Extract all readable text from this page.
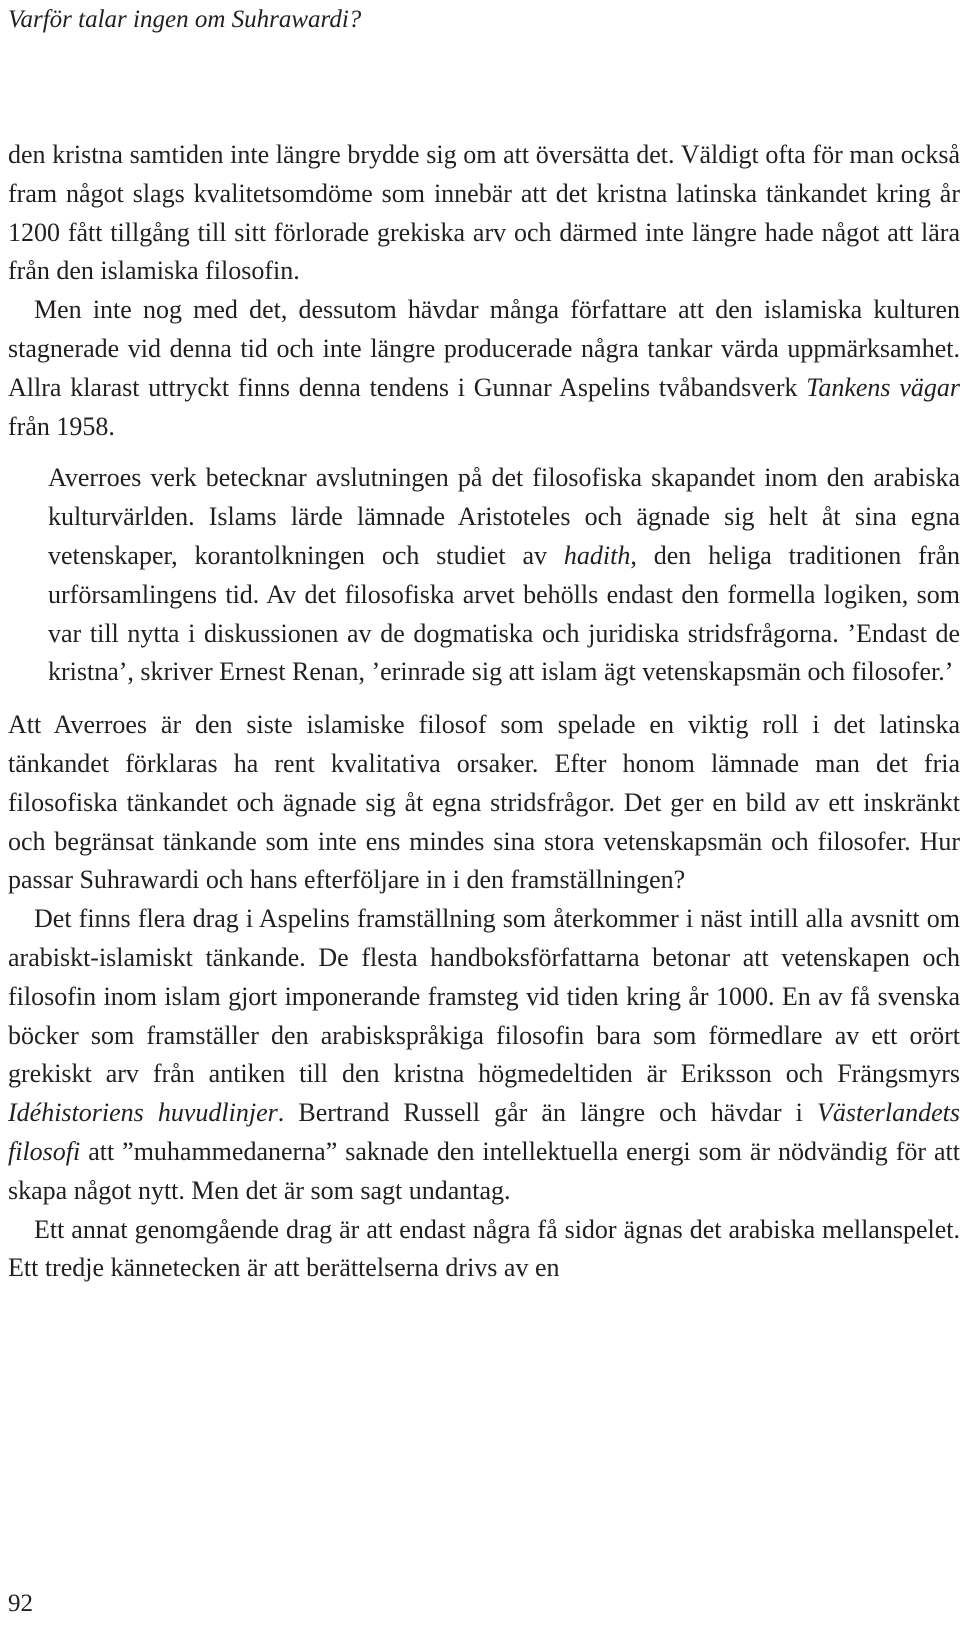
Varför talar ingen om Suhrawardi?

den kristna samtiden inte längre brydde sig om att översätta det. Väldigt ofta för man också fram något slags kvalitetsomdöme som innebär att det kristna latinska tänkandet kring år 1200 fått tillgång till sitt förlorade grekiska arv och därmed inte längre hade något att lära från den islamiska filosofin.

Men inte nog med det, dessutom hävdar många författare att den islamiska kulturen stagnerade vid denna tid och inte längre producerade några tankar värda uppmärksamhet. Allra klarast uttryckt finns denna tendens i Gunnar Aspelins tvåbandsverk Tankens vägar från 1958.

Averroes verk betecknar avslutningen på det filosofiska skapandet inom den arabiska kulturvärlden. Islams lärde lämnade Aristoteles och ägnade sig helt åt sina egna vetenskaper, korantolkningen och studiet av hadith, den heliga traditionen från urförsamlingens tid. Av det filosofiska arvet behölls endast den formella logiken, som var till nytta i diskussionen av de dogmatiska och juridiska stridsfrågorna. ’Endast de kristna’, skriver Ernest Renan, ’erinrade sig att islam ägt vetenskapsmän och filosofer.’

Att Averroes är den siste islamiske filosof som spelade en viktig roll i det latinska tänkandet förklaras ha rent kvalitativa orsaker. Efter honom lämnade man det fria filosofiska tänkandet och ägnade sig åt egna stridsfrågor. Det ger en bild av ett inskränkt och begränsat tänkande som inte ens mindes sina stora vetenskapsmän och filosofer. Hur passar Suhrawardi och hans efterföljare in i den framställningen?

Det finns flera drag i Aspelins framställning som återkommer i näst intill alla avsnitt om arabiskt-islamiskt tänkande. De flesta handboksförfattarna betonar att vetenskapen och filosofin inom islam gjort imponerande framsteg vid tiden kring år 1000. En av få svenska böcker som framställer den arabiskspråkiga filosofin bara som förmedlare av ett orört grekiskt arv från antiken till den kristna högmedeltiden är Eriksson och Frängsmyrs Idéhistoriens huvudlinjer. Bertrand Russell går än längre och hävdar i Västerlandets filosofi att ”muhammedanerna” saknade den intellektuella energi som är nödvändig för att skapa något nytt. Men det är som sagt undantag.

Ett annat genomgående drag är att endast några få sidor ägnas det arabiska mellanspelet. Ett tredje kännetecken är att berättelserna drivs av en

92
